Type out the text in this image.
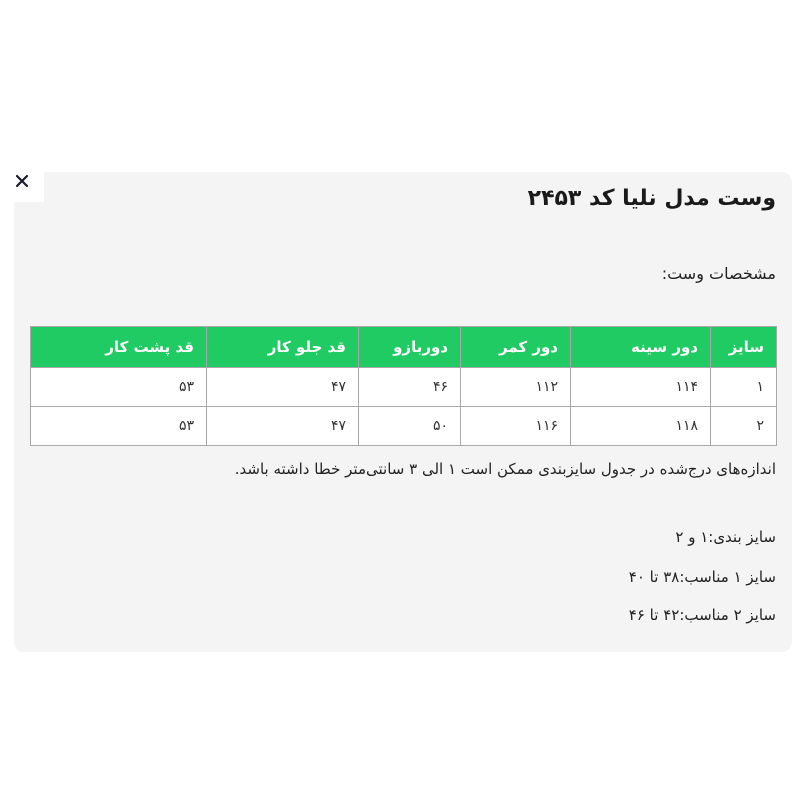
وست مدل نلیا کد ۲۴۵۳
مشخصات وست:
سایز	دور سینه	دور کمر	دوربازو	قد جلو کار	قد پشت کار
۱	۱۱۴	۱۱۲	۴۶	۴۷	۵۳
۲	۱۱۸	۱۱۶	۵۰	۴۷	۵۳
اندازه‌های درج‌شده در جدول سایزبندی ممکن است ۱ الی ۳ سانتی‌متر خطا داشته باشد.
سایز بندی:۱ و ۲
سایز ۱ مناسب:۳۸ تا ۴۰
سایز ۲ مناسب:۴۲ تا ۴۶
